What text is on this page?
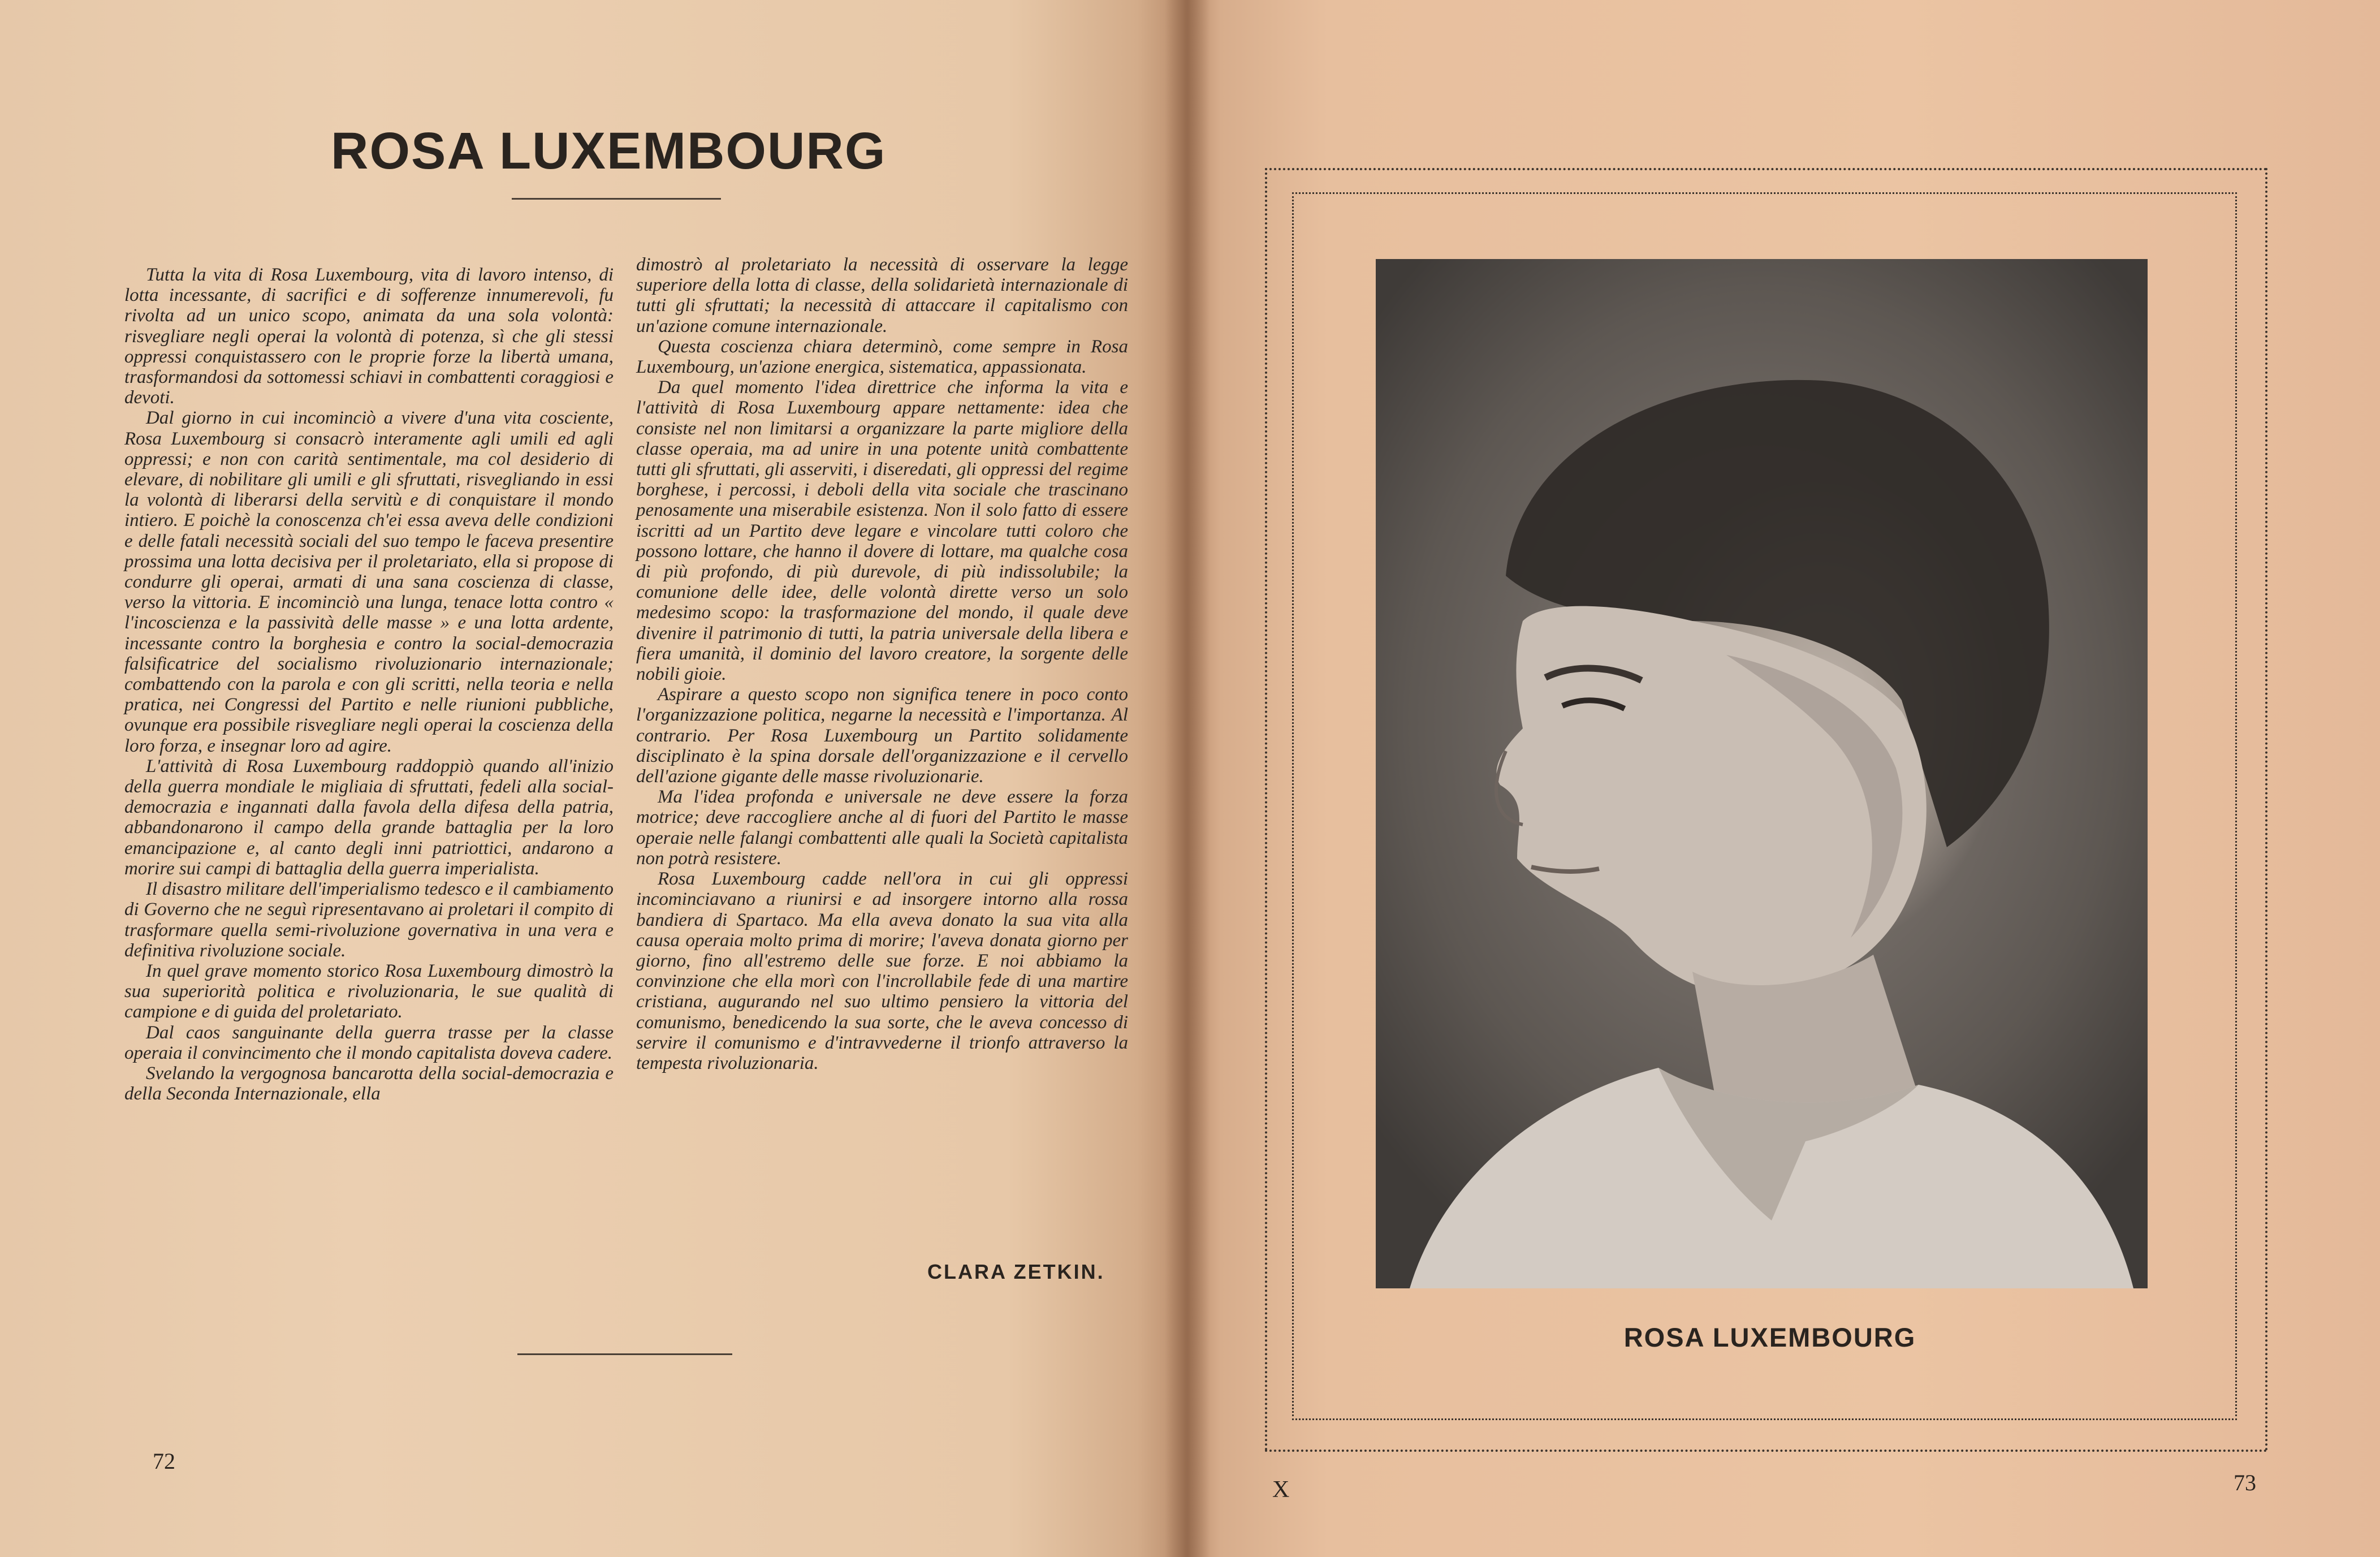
ROSA LUXEMBOURG

Tutta la vita di Rosa Luxembourg, vita di lavoro intenso, di lotta incessante, di sacrifici e di sofferenze innumerevoli, fu rivolta ad un unico scopo, animata da una sola volontà: risvegliare negli operai la volontà di potenza, sì che gli stessi oppressi conquistassero con le proprie forze la libertà umana, trasformandosi da sottomessi schiavi in combattenti coraggiosi e devoti.

Dal giorno in cui incominciò a vivere d'una vita cosciente, Rosa Luxembourg si consacrò interamente agli umili ed agli oppressi; e non con carità sentimentale, ma col desiderio di elevare, di nobilitare gli umili e gli sfruttati, risvegliando in essi la volontà di liberarsi della servitù e di conquistare il mondo intiero. E poichè la conoscenza ch'ei essa aveva delle condizioni e delle fatali necessità sociali del suo tempo le faceva presentire prossima una lotta decisiva per il proletariato, ella si propose di condurre gli operai, armati di una sana coscienza di classe, verso la vittoria. E incominciò una lunga, tenace lotta contro « l'incoscienza e la passività delle masse » e una lotta ardente, incessante contro la borghesia e contro la social-democrazia falsificatrice del socialismo rivoluzionario internazionale; combattendo con la parola e con gli scritti, nella teoria e nella pratica, nei Congressi del Partito e nelle riunioni pubbliche, ovunque era possibile risvegliare negli operai la coscienza della loro forza, e insegnar loro ad agire.

L'attività di Rosa Luxembourg raddoppiò quando all'inizio della guerra mondiale le migliaia di sfruttati, fedeli alla social-democrazia e ingannati dalla favola della difesa della patria, abbandonarono il campo della grande battaglia per la loro emancipazione e, al canto degli inni patriottici, andarono a morire sui campi di battaglia della guerra imperialista.

Il disastro militare dell'imperialismo tedesco e il cambiamento di Governo che ne seguì ripresentavano ai proletari il compito di trasformare quella semi-rivoluzione governativa in una vera e definitiva rivoluzione sociale.

In quel grave momento storico Rosa Luxembourg dimostrò la sua superiorità politica e rivoluzionaria, le sue qualità di campione e di guida del proletariato.

Dal caos sanguinante della guerra trasse per la classe operaia il convincimento che il mondo capitalista doveva cadere.

Svelando la vergognosa bancarotta della social-democrazia e della Seconda Internazionale, ella

dimostrò al proletariato la necessità di osservare la legge superiore della lotta di classe, della solidarietà internazionale di tutti gli sfruttati; la necessità di attaccare il capitalismo con un'azione comune internazionale.

Questa coscienza chiara determinò, come sempre in Rosa Luxembourg, un'azione energica, sistematica, appassionata.

Da quel momento l'idea direttrice che informa la vita e l'attività di Rosa Luxembourg appare nettamente: idea che consiste nel non limitarsi a organizzare la parte migliore della classe operaia, ma ad unire in una potente unità combattente tutti gli sfruttati, gli asserviti, i diseredati, gli oppressi del regime borghese, i percossi, i deboli della vita sociale che trascinano penosamente una miserabile esistenza. Non il solo fatto di essere iscritti ad un Partito deve legare e vincolare tutti coloro che possono lottare, che hanno il dovere di lottare, ma qualche cosa di più profondo, di più durevole, di più indissolubile; la comunione delle idee, delle volontà dirette verso un solo medesimo scopo: la trasformazione del mondo, il quale deve divenire il patrimonio di tutti, la patria universale della libera e fiera umanità, il dominio del lavoro creatore, la sorgente delle nobili gioie.

Aspirare a questo scopo non significa tenere in poco conto l'organizzazione politica, negarne la necessità e l'importanza. Al contrario. Per Rosa Luxembourg un Partito solidamente disciplinato è la spina dorsale dell'organizzazione e il cervello dell'azione gigante delle masse rivoluzionarie.

Ma l'idea profonda e universale ne deve essere la forza motrice; deve raccogliere anche al di fuori del Partito le masse operaie nelle falangi combattenti alle quali la Società capitalista non potrà resistere.

Rosa Luxembourg cadde nell'ora in cui gli oppressi incominciavano a riunirsi e ad insorgere intorno alla rossa bandiera di Spartaco. Ma ella aveva donato la sua vita alla causa operaia molto prima di morire; l'aveva donata giorno per giorno, fino all'estremo delle sue forze. E noi abbiamo la convinzione che ella morì con l'incrollabile fede di una martire cristiana, augurando nel suo ultimo pensiero la vittoria del comunismo, benedicendo la sua sorte, che le aveva concesso di servire il comunismo e d'intravvederne il trionfo attraverso la tempesta rivoluzionaria.

CLARA ZETKIN.
72
ROSA LUXEMBOURG
X	73
